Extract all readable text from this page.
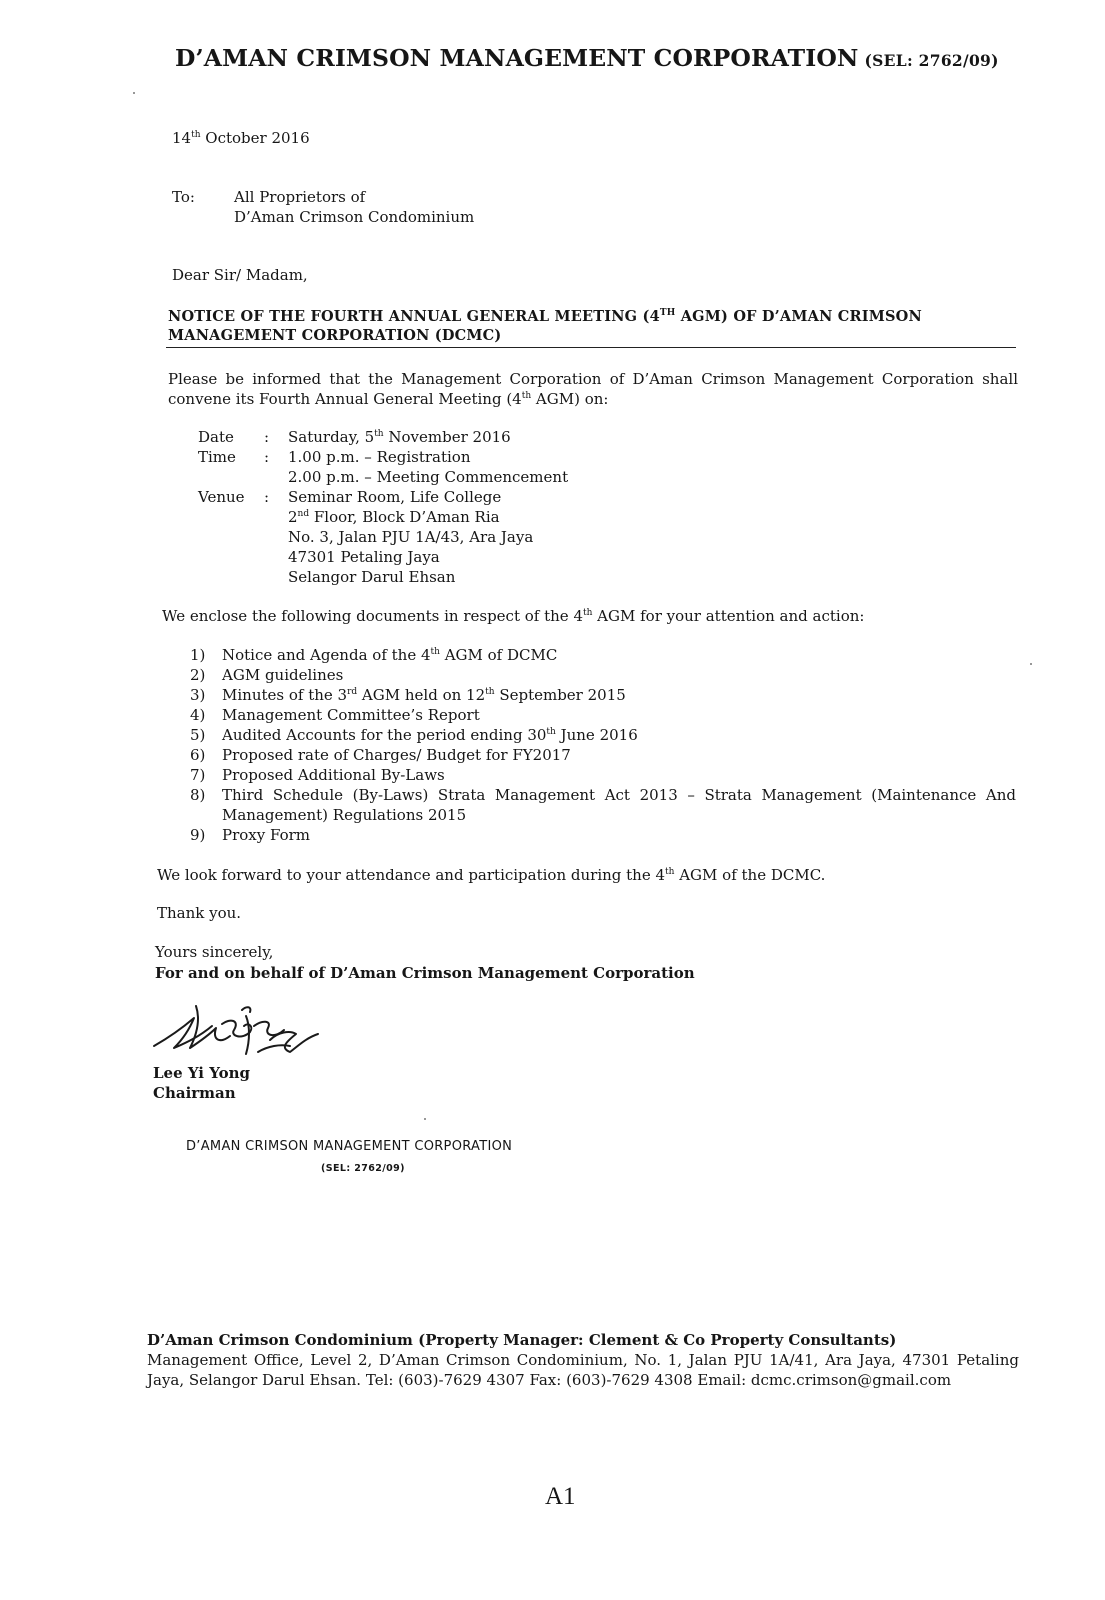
D’AMAN CRIMSON MANAGEMENT CORPORATION (SEL: 2762/09)
14th October 2016
To:	All Proprietors of
D’Aman Crimson Condominium
Dear Sir/ Madam,
NOTICE OF THE FOURTH ANNUAL GENERAL MEETING (4TH AGM) OF D’AMAN CRIMSON MANAGEMENT CORPORATION (DCMC)
Please be informed that the Management Corporation of D’Aman Crimson Management Corporation shall convene its Fourth Annual General Meeting (4th AGM) on:
Date	:	Saturday, 5th November 2016
Time	:	1.00 p.m. – Registration
2.00 p.m. – Meeting Commencement
Venue	:	Seminar Room, Life College
2nd Floor, Block D’Aman Ria
No. 3, Jalan PJU 1A/43, Ara Jaya
47301 Petaling Jaya
Selangor Darul Ehsan
We enclose the following documents in respect of the 4th AGM for your attention and action:
1)	Notice and Agenda of the 4th AGM of DCMC
2)	AGM guidelines
3)	Minutes of the 3rd AGM held on 12th September 2015
4)	Management Committee’s Report
5)	Audited Accounts for the period ending 30th June 2016
6)	Proposed rate of Charges/ Budget for FY2017
7)	Proposed Additional By-Laws
8)	Third Schedule (By-Laws) Strata Management Act 2013 – Strata Management (Maintenance And Management) Regulations 2015
9)	Proxy Form
We look forward to your attendance and participation during the 4th AGM of the DCMC.
Thank you.
Yours sincerely,
For and on behalf of D’Aman Crimson Management Corporation
Lee Yi Yong
Chairman
D’AMAN CRIMSON MANAGEMENT CORPORATION
(SEL: 2762/09)
D’Aman Crimson Condominium (Property Manager: Clement & Co Property Consultants)
Management Office, Level 2, D’Aman Crimson Condominium, No. 1, Jalan PJU 1A/41, Ara Jaya, 47301 Petaling Jaya, Selangor Darul Ehsan. Tel: (603)-7629 4307 Fax: (603)-7629 4308 Email: dcmc.crimson@gmail.com
A1
